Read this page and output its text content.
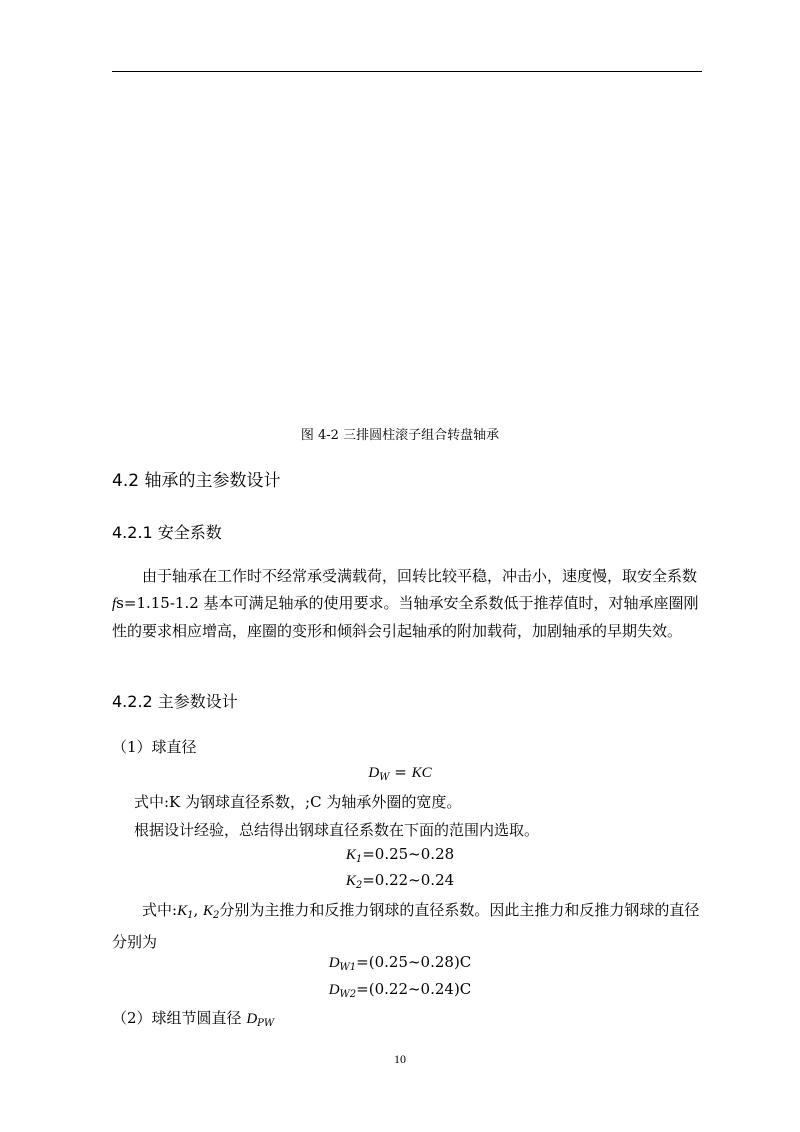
图 4-2 三排圆柱滚子组合转盘轴承
4.2 轴承的主参数设计
4.2.1 安全系数
由于轴承在工作时不经常承受满载荷，回转比较平稳，冲击小，速度慢，取安全系数 fs=1.15-1.2 基本可满足轴承的使用要求。当轴承安全系数低于推荐值时，对轴承座圈刚性的要求相应增高，座圈的变形和倾斜会引起轴承的附加载荷，加剧轴承的早期失效。
4.2.2 主参数设计
（1）球直径
$D_W$ = KC
式中:K 为钢球直径系数，;C 为轴承外圈的宽度。
根据设计经验，总结得出钢球直径系数在下面的范围内选取。
$K_1=0.25\sim 0.28$
$K_2=0.22\sim 0.24$
式中$:K_1$, $K_2$分别为主推力和反推力钢球的直径系数。因此主推力和反推力钢球的直径分别为
$D_{W1}=(0.25\sim 0.28)C$
$D_{W2}=(0.22\sim 0.24)C$
（2）球组节圆直径 $D_{PW}$
10
